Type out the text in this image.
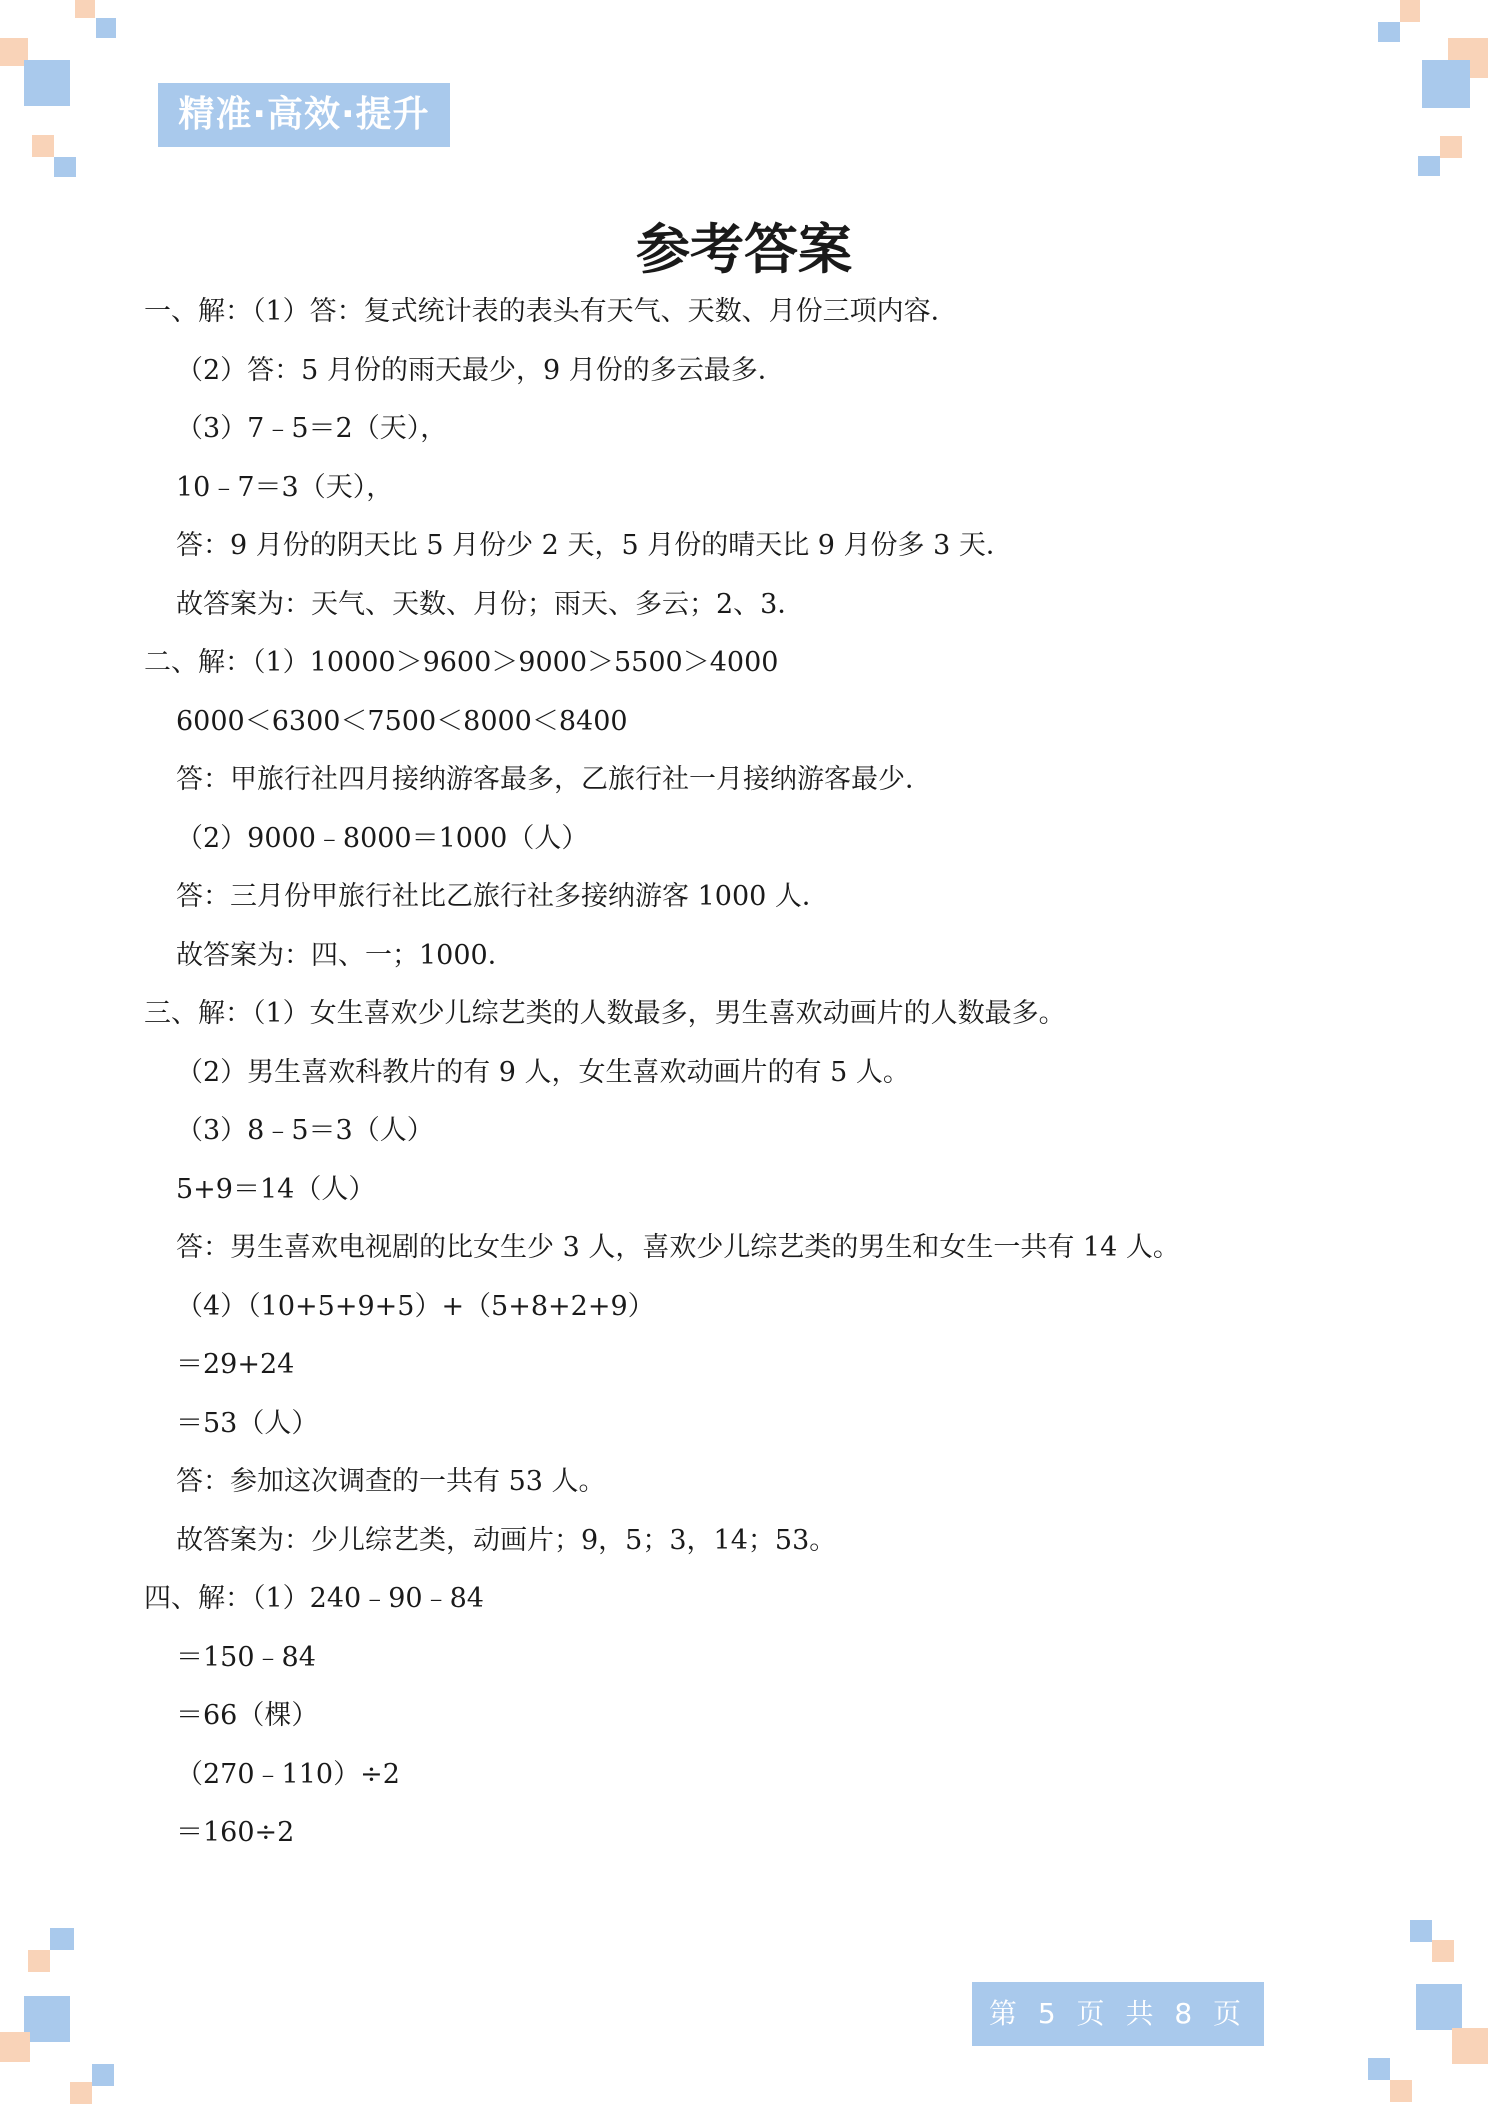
精准·高效·提升
参考答案
一、解：（1）答：复式统计表的表头有天气、天数、月份三项内容．
（2）答：5 月份的雨天最少，9 月份的多云最多．
（3）7﹣5＝2（天），
10﹣7＝3（天），
答：9 月份的阴天比 5 月份少 2 天，5 月份的晴天比 9 月份多 3 天．
故答案为：天气、天数、月份；雨天、多云；2、3．
二、解：（1）10000＞9600＞9000＞5500＞4000
6000＜6300＜7500＜8000＜8400
答：甲旅行社四月接纳游客最多，乙旅行社一月接纳游客最少．
（2）9000﹣8000＝1000（人）
答：三月份甲旅行社比乙旅行社多接纳游客 1000 人．
故答案为：四、一；1000．
三、解：（1）女生喜欢少儿综艺类的人数最多，男生喜欢动画片的人数最多。
（2）男生喜欢科教片的有 9 人，女生喜欢动画片的有 5 人。
（3）8﹣5＝3（人）
5+9＝14（人）
答：男生喜欢电视剧的比女生少 3 人，喜欢少儿综艺类的男生和女生一共有 14 人。
（4）（10+5+9+5）+（5+8+2+9）
＝29+24
＝53（人）
答：参加这次调查的一共有 53 人。
故答案为：少儿综艺类，动画片；9，5；3，14；53。
四、解：（1）240﹣90﹣84
＝150﹣84
＝66（棵）
（270﹣110）÷2
＝160÷2
第 5 页 共 8 页
